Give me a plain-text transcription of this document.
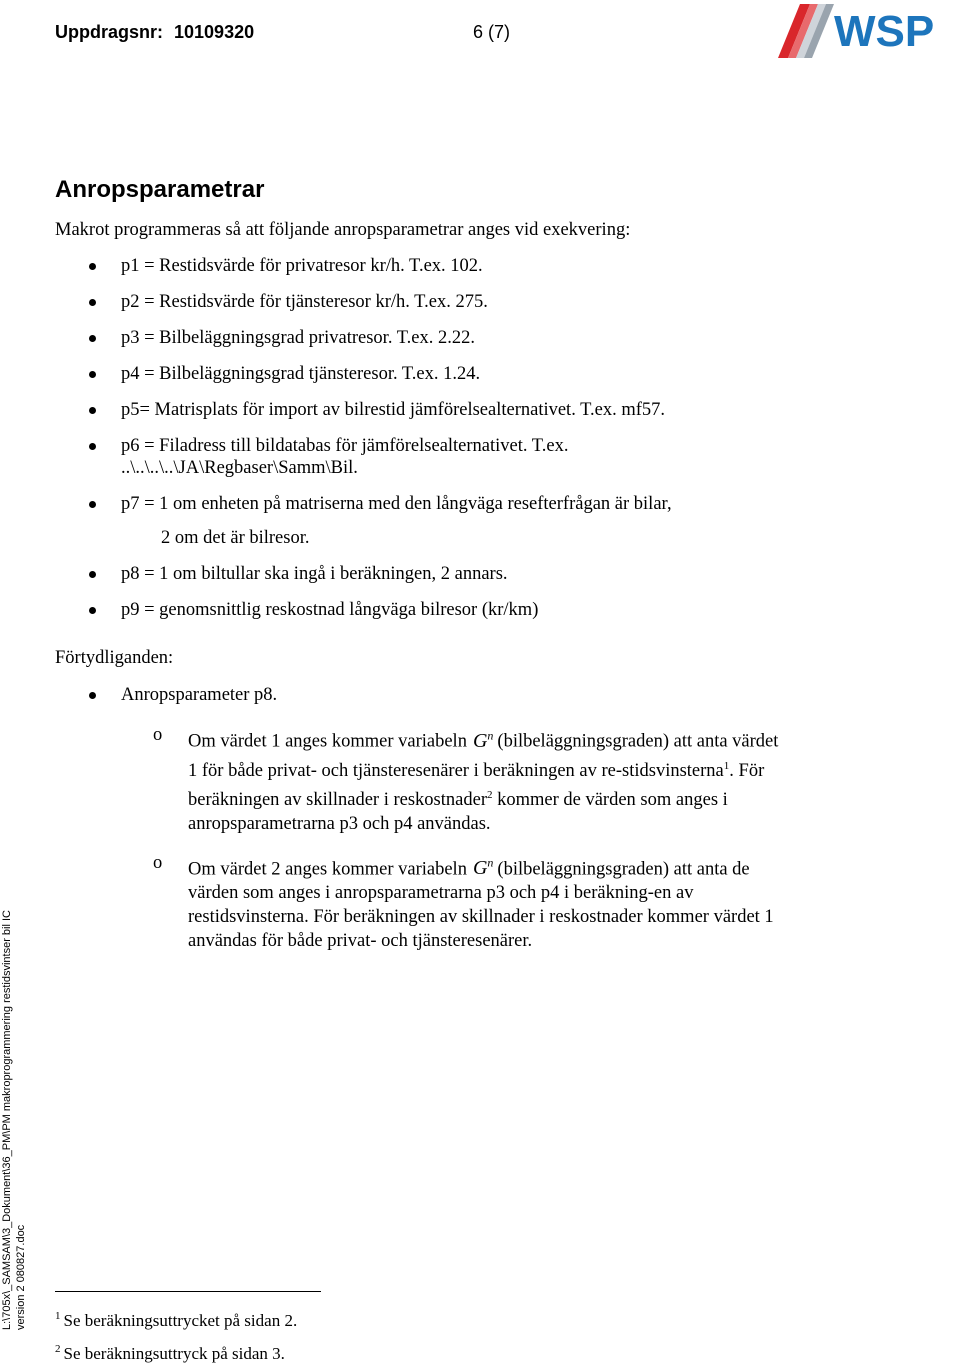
Uppdragsnr: 10109320	6 (7)	WSP
Anropsparametrar

Makrot programmeras så att följande anropsparametrar anges vid exekvering:

p1 = Restidsvärde för privatresor kr/h. T.ex. 102.
p2 = Restidsvärde för tjänsteresor kr/h. T.ex. 275.
p3 = Bilbeläggningsgrad privatresor. T.ex. 2.22.
p4 = Bilbeläggningsgrad tjänsteresor. T.ex. 1.24.
p5= Matrisplats för import av bilrestid jämförelsealternativet. T.ex. mf57.
p6 = Filadress till bildatabas för jämförelsealternativet. T.ex. ..\..\..\..\JA\Regbaser\Samm\Bil.
p7 = 1 om enheten på matriserna med den långväga resefterfrågan är bilar,
2 om det är bilresor.
p8 = 1 om biltullar ska ingå i beräkningen, 2 annars.
p9 = genomsnittlig reskostnad långväga bilresor (kr/km)

Förtydliganden:

Anropsparameter p8.
o Om värdet 1 anges kommer variabeln $G^n$ (bilbeläggningsgraden) att anta värdet 1 för både privat- och tjänsteresenärer i beräkningen av re-stidsvinsterna$^1$. För beräkningen av skillnader i reskostnader$^2$ kommer de värden som anges i anropsparametrarna p3 och p4 användas.
o Om värdet 2 anges kommer variabeln $G^n$ (bilbeläggningsgraden) att anta de värden som anges i anropsparametrarna p3 och p4 i beräkning-en av restidsvinsterna. För beräkningen av skillnader i reskostnader kommer värdet 1 användas för både privat- och tjänsteresenärer.
L:\705x\_SAMSAM\3_Dokument\36_PM\PM makroprogrammering restidsvintser bil IC version 2 080827.doc	$^1$ Se beräkningsuttrycket på sidan 2.

$^2$ Se beräkningsuttryck på sidan 3.
